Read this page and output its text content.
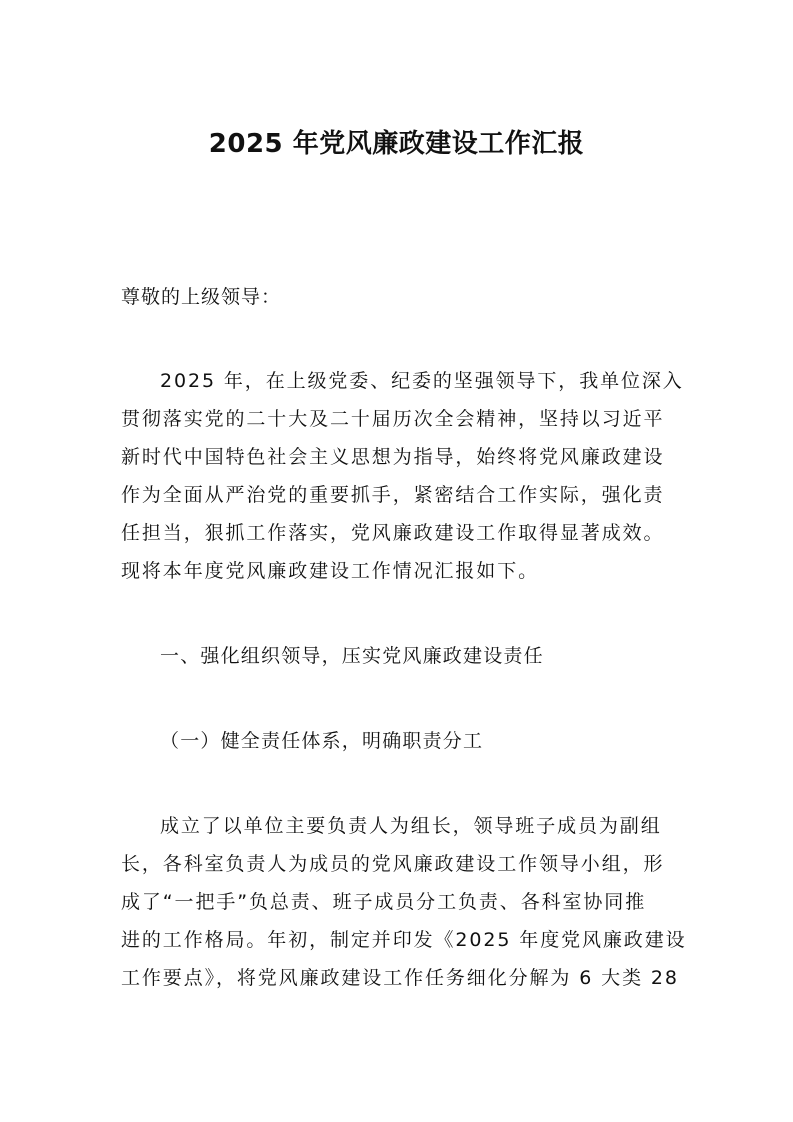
2025 年党风廉政建设工作汇报
尊敬的上级领导：
2025 年，在上级党委、纪委的坚强领导下，我单位深入
贯彻落实党的二十大及二十届历次全会精神，坚持以习近平
新时代中国特色社会主义思想为指导，始终将党风廉政建设
作为全面从严治党的重要抓手，紧密结合工作实际，强化责
任担当，狠抓工作落实，党风廉政建设工作取得显著成效。
现将本年度党风廉政建设工作情况汇报如下。
一、强化组织领导，压实党风廉政建设责任
（一）健全责任体系，明确职责分工
成立了以单位主要负责人为组长，领导班子成员为副组
长，各科室负责人为成员的党风廉政建设工作领导小组，形
成了“一把手”负总责、班子成员分工负责、各科室协同推
进的工作格局。年初，制定并印发《2025 年度党风廉政建设
工作要点》，将党风廉政建设工作任务细化分解为 6 大类 28
